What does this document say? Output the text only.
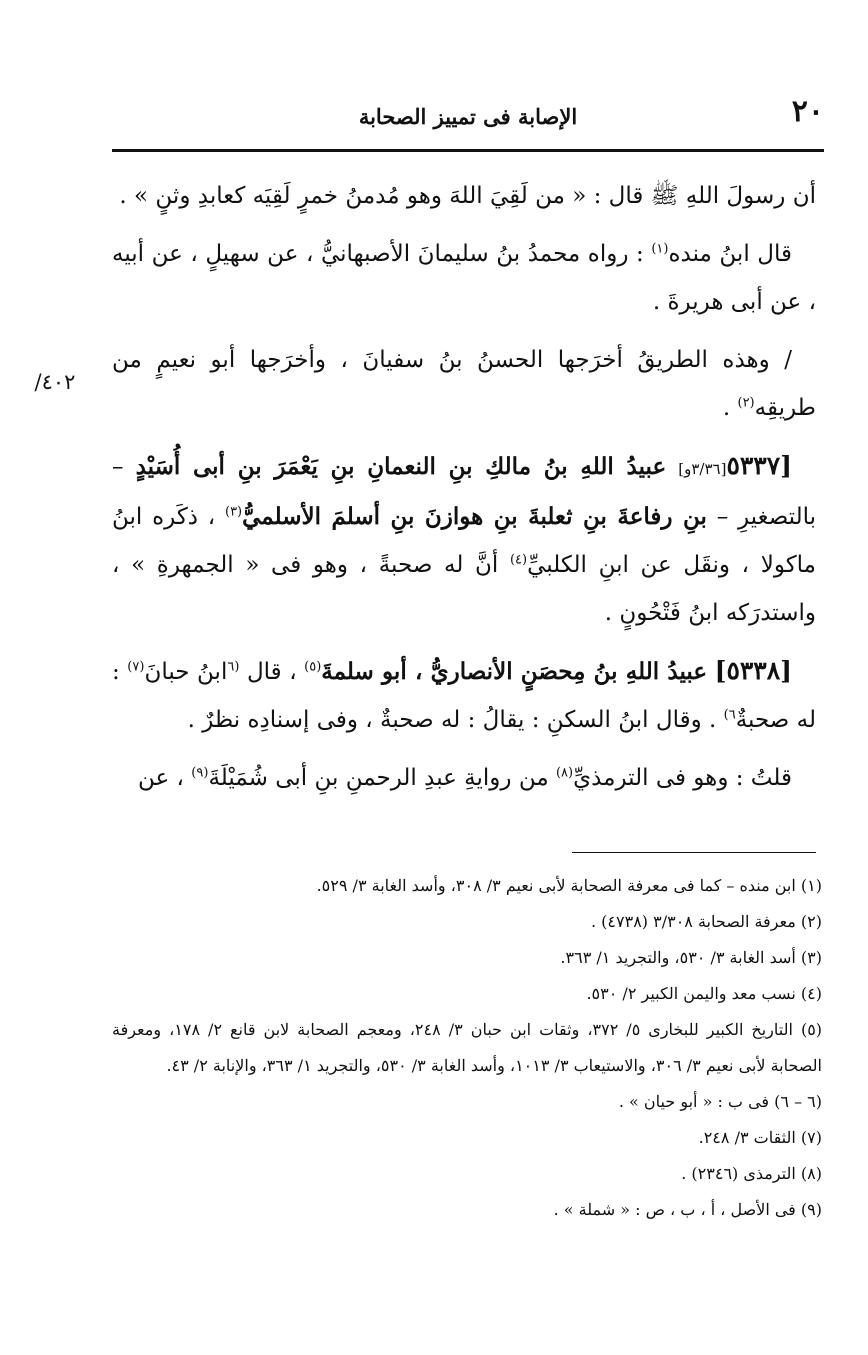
٢٠
الإصابة فى تمييز الصحابة
٤٠٢/

أن رسولَ اللهِ ﷺ قال : « من لَقِيَ اللهَ وهو مُدمنُ خمرٍ لَقِيَه كعابدِ وثنٍ » .

قال ابنُ منده$^{(١)}$ : رواه محمدُ بنُ سليمانَ الأصبهانيُّ ، عن سهيلٍ ، عن أبيه ، عن أبى هريرةَ .

/ وهذه الطريقُ أخرَجها الحسنُ بنُ سفيانَ ، وأخرَجها أبو نعيمٍ من طريقِه$^{(٢)}$ .

[٥٣٣٧[٣/٣٦و] عبيدُ اللهِ بنُ مالكِ بنِ النعمانِ بنِ يَعْمَرَ بنِ أبى أُسَيْدٍ – بالتصغيرِ – بنِ رفاعةَ بنِ ثعلبةَ بنِ هوازنَ بنِ أسلمَ الأسلميُّ$^{(٣)}$ ، ذكَره ابنُ ماكولا ، ونقَل عن ابنِ الكلبيِّ$^{(٤)}$ أنَّ له صحبةً ، وهو فى « الجمهرةِ » ، واستدرَكه ابنُ فَتْحُونٍ .

[٥٣٣٨] عبيدُ اللهِ بنُ مِحصَنٍ الأنصاريُّ ، أبو سلمةَ$^{(٥)}$ ، قال $^{(٦}$ابنُ حبانَ$^{(٧)}$ : له صحبةٌ$^{٦)}$ . وقال ابنُ السكنِ : يقالُ : له صحبةٌ ، وفى إسنادِه نظرٌ .

قلتُ : وهو فى الترمذيِّ$^{(٨)}$ من روايةِ عبدِ الرحمنِ بنِ أبى شُمَيْلَةَ$^{(٩)}$ ، عن

(١) ابن منده – كما فى معرفة الصحابة لأبى نعيم ٣/ ٣٠٨، وأسد الغابة ٣/ ٥٢٩.

(٢) معرفة الصحابة ٣/٣٠٨ (٤٧٣٨) .

(٣) أسد الغابة ٣/ ٥٣٠، والتجريد ١/ ٣٦٣.

(٤) نسب معد واليمن الكبير ٢/ ٥٣٠.

(٥) التاريخ الكبير للبخارى ٥/ ٣٧٢، وثقات ابن حبان ٣/ ٢٤٨، ومعجم الصحابة لابن قانع ٢/ ١٧٨، ومعرفة الصحابة لأبى نعيم ٣/ ٣٠٦، والاستيعاب ٣/ ١٠١٣، وأسد الغابة ٣/ ٥٣٠، والتجريد ١/ ٣٦٣، والإنابة ٢/ ٤٣.

(٦ – ٦) فى ب : « أبو حيان » .

(٧) الثقات ٣/ ٢٤٨.

(٨) الترمذى (٢٣٤٦) .

(٩) فى الأصل ، أ ، ب ، ص : « شملة » .
